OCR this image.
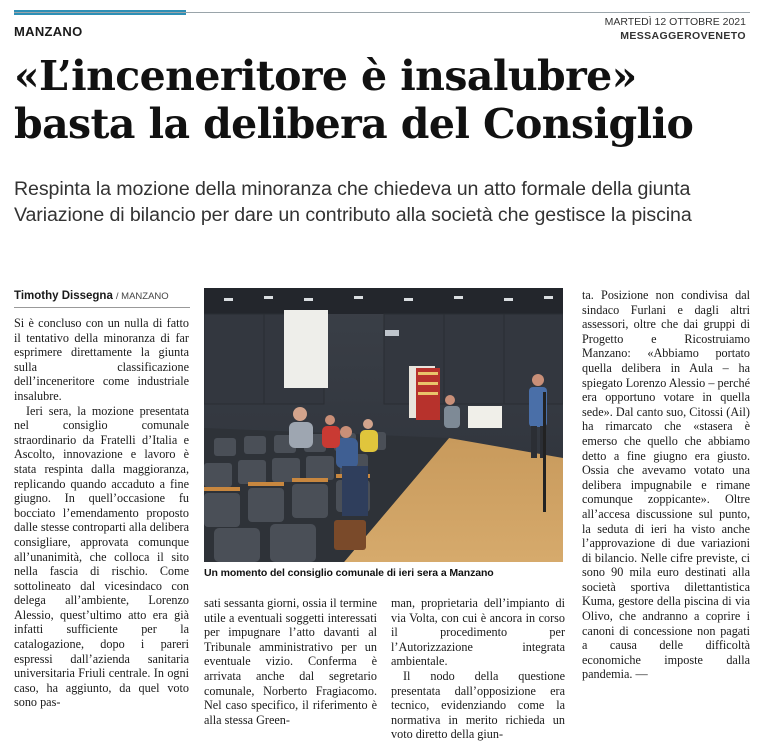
MANZANO
MARTEDÌ 12 OTTOBRE 2021
MESSAGGEROVENETO
«L’inceneritore è insalubre»
basta la delibera del Consiglio
Respinta la mozione della minoranza che chiedeva un atto formale della giunta
Variazione di bilancio per dare un contributo alla società che gestisce la piscina
Timothy Dissegna / MANZANO

Si è concluso con un nulla di fatto il tentativo della minoranza di far esprimere direttamente la giunta sulla classificazione dell’inceneritore come industriale insalubre.

Ieri sera, la mozione presentata nel consiglio comunale straordinario da Fratelli d’Italia e Ascolto, innovazione e lavoro è stata respinta dalla maggioranza, replicando quando accaduto a fine giugno. In quell’occasione fu bocciato l’emendamento proposto dalle stesse controparti alla delibera consigliare, approvata comunque all’unanimità, che colloca il sito nella fascia di rischio. Come sottolineato dal vicesindaco con delega all’ambiente, Lorenzo Alessio, quest’ultimo atto era già infatti sufficiente per la catalogazione, dopo i pareri espressi dall’azienda sanitaria universitaria Friuli centrale. In ogni caso, ha aggiunto, da quel voto sono pas-

Un momento del consiglio comunale di ieri sera a Manzano

sati sessanta giorni, ossia il termine utile a eventuali soggetti interessati per impugnare l’atto davanti al Tribunale amministrativo per un eventuale vizio. Conferma è arrivata anche dal segretario comunale, Norberto Fragiacomo. Nel caso specifico, il riferimento è alla stessa Green-

man, proprietaria dell’impianto di via Volta, con cui è ancora in corso il procedimento per l’Autorizzazione integrata ambientale.

Il nodo della questione presentata dall’opposizione era tecnico, evidenziando come la normativa in merito richieda un voto diretto della giun-

ta. Posizione non condivisa dal sindaco Furlani e dagli altri assessori, oltre che dai gruppi di Progetto e Ricostruiamo Manzano: «Abbiamo portato quella delibera in Aula – ha spiegato Lorenzo Alessio – perché era opportuno votare in quella sede». Dal canto suo, Citossi (Ail) ha rimarcato che «stasera è emerso che quello che abbiamo detto a fine giugno era giusto. Ossia che avevamo votato una delibera impugnabile e rimane comunque zoppicante». Oltre all’accesa discussione sul punto, la seduta di ieri ha visto anche l’approvazione di due variazioni di bilancio. Nelle cifre previste, ci sono 90 mila euro destinati alla società sportiva dilettantistica Kuma, gestore della piscina di via Olivo, che andranno a coprire i canoni di concessione non pagati a causa delle difficoltà economiche imposte dalla pandemia. —
